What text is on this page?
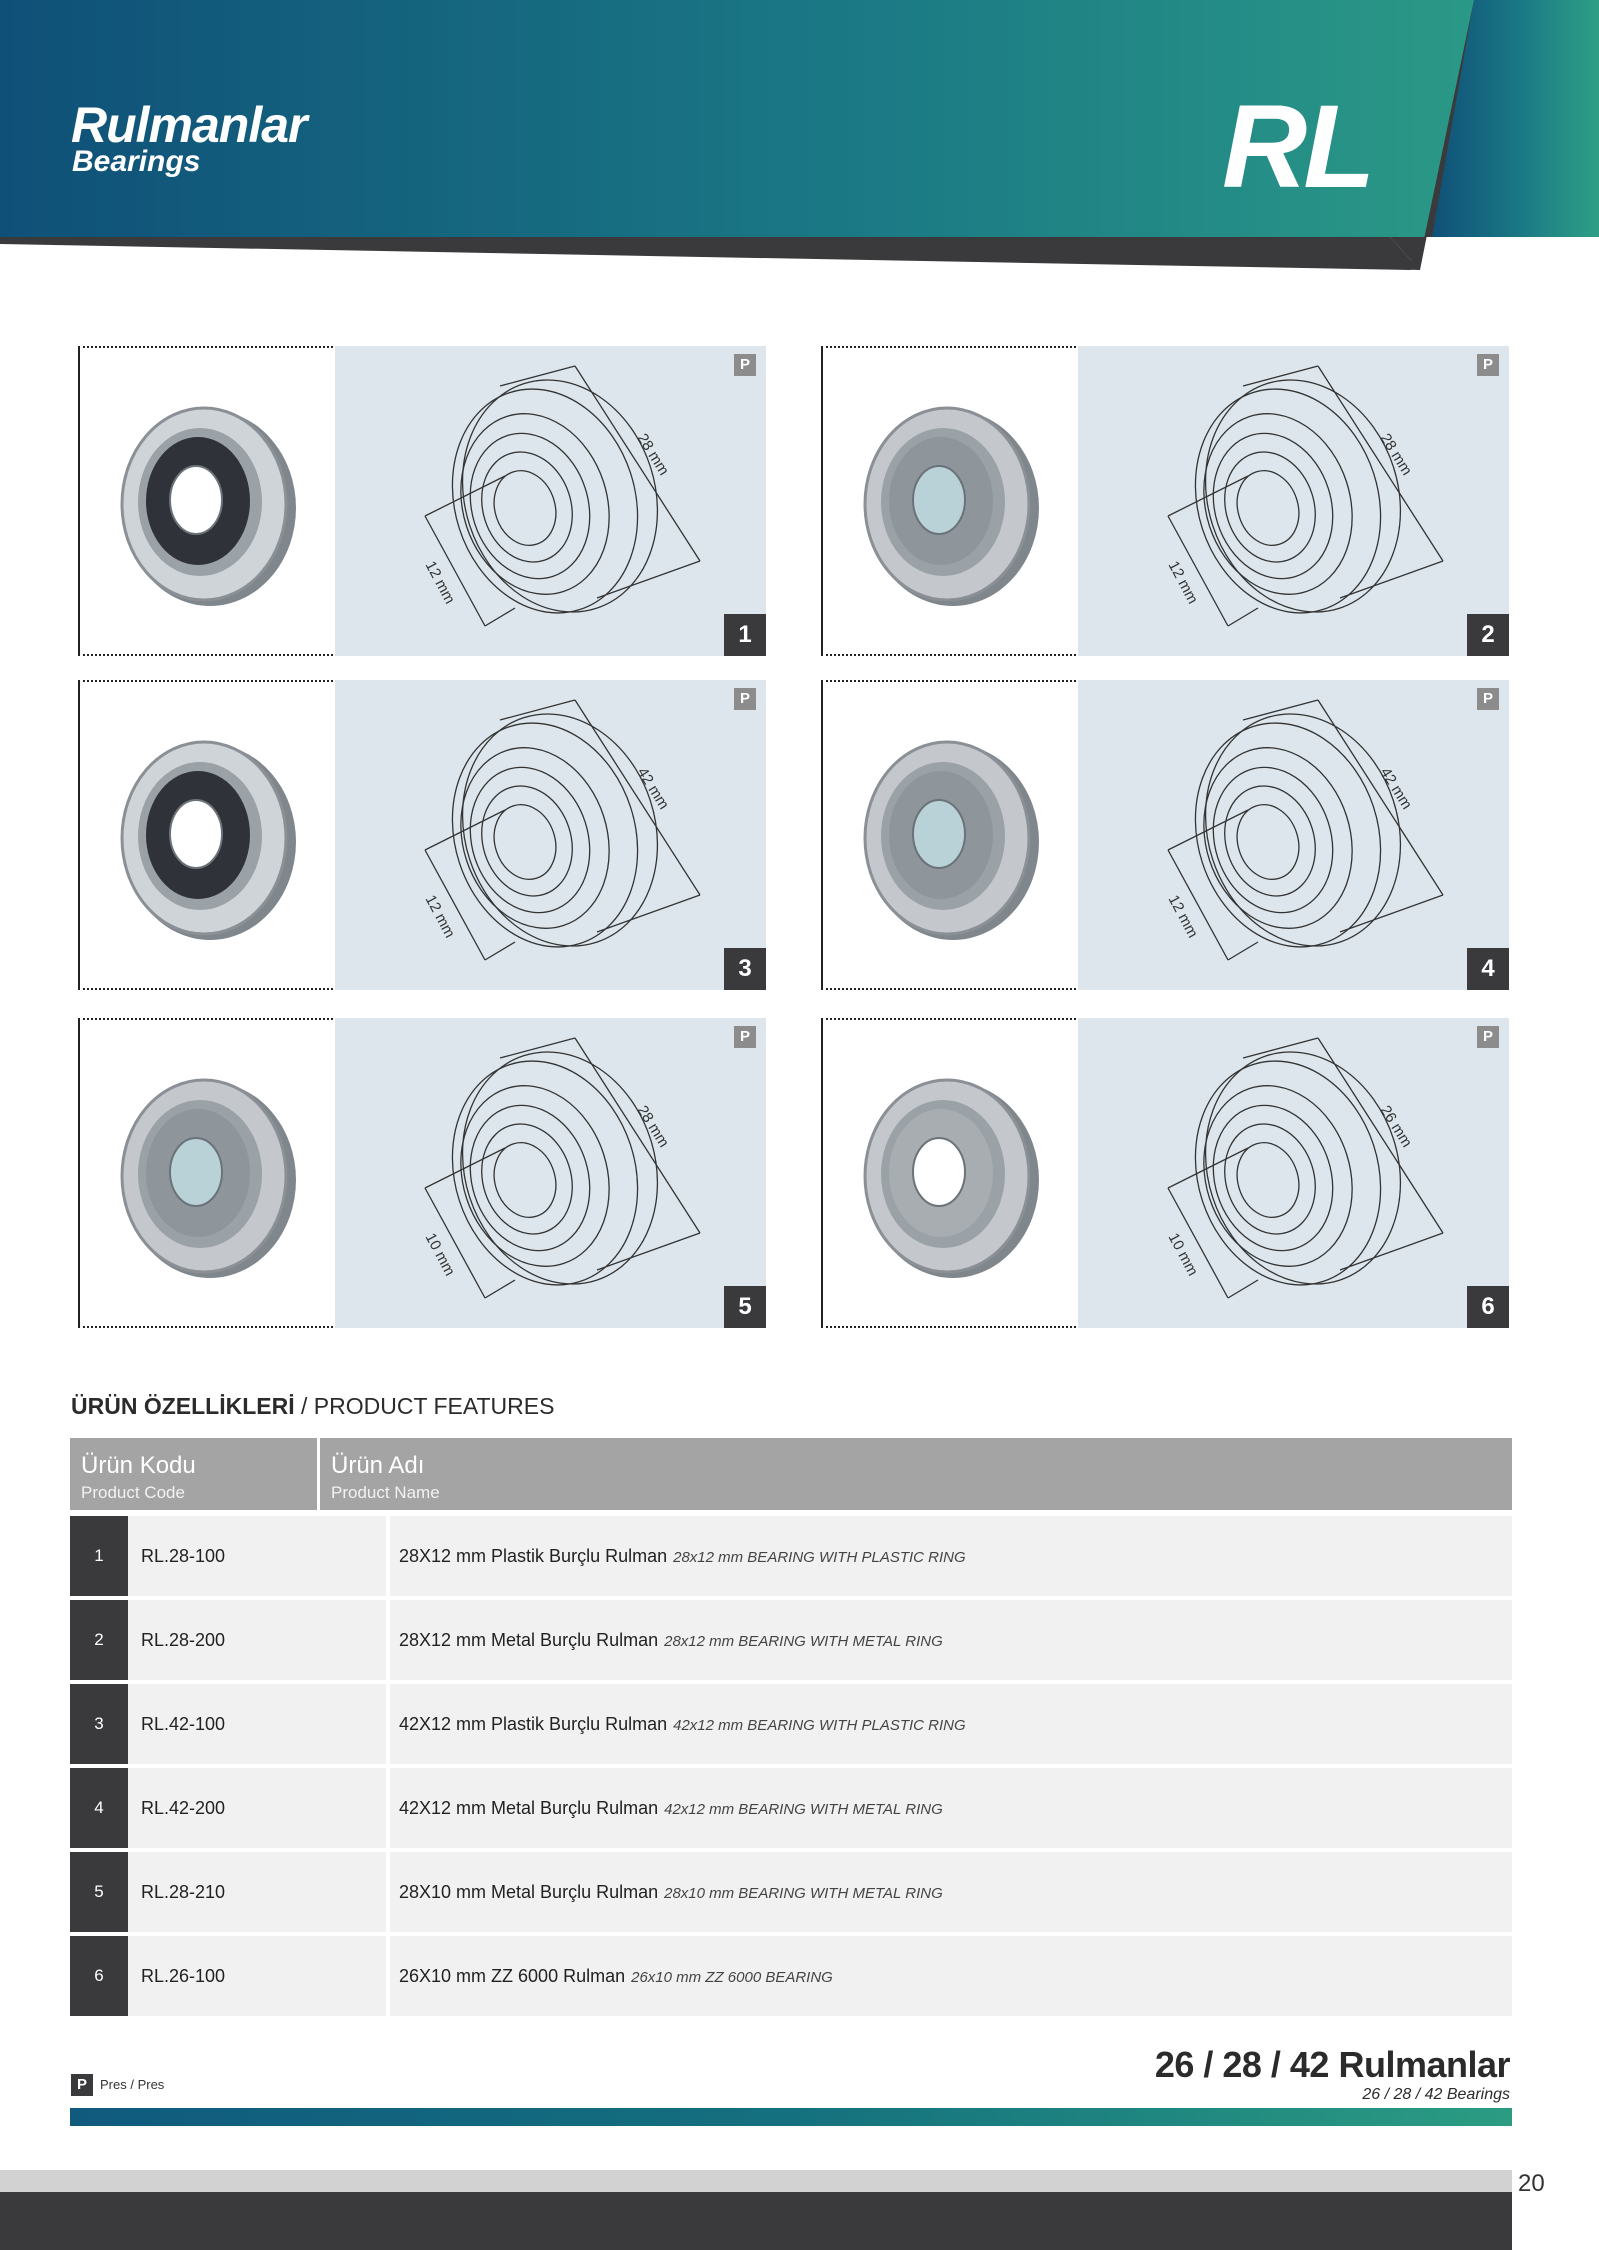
Rulmanlar
Bearings	RL
28 mm
12 mm
P
1
28 mm
12 mm
P
2
42 mm
12 mm
P
3
42 mm
12 mm
P
4
28 mm
10 mm
P
5
26 mm
10 mm
P
6
ÜRÜN ÖZELLİKLERİ / PRODUCT FEATURES
Ürün Kodu
Product Code
Ürün Adı
Product Name
1	RL.28-100	28X12 mm Plastik Burçlu Rulman 28x12 mm BEARING WITH PLASTIC RING
2	RL.28-200	28X12 mm Metal Burçlu Rulman 28x12 mm BEARING WITH METAL RING
3	RL.42-100	42X12 mm Plastik Burçlu Rulman 42x12 mm BEARING WITH PLASTIC RING
4	RL.42-200	42X12 mm Metal Burçlu Rulman 42x12 mm BEARING WITH METAL RING
5	RL.28-210	28X10 mm Metal Burçlu Rulman 28x10 mm BEARING WITH METAL RING
6	RL.26-100	26X10 mm ZZ 6000 Rulman 26x10 mm ZZ 6000 BEARING
P	Pres / Pres	26 / 28 / 42 Rulmanlar
26 / 28 / 42 Bearings
20
